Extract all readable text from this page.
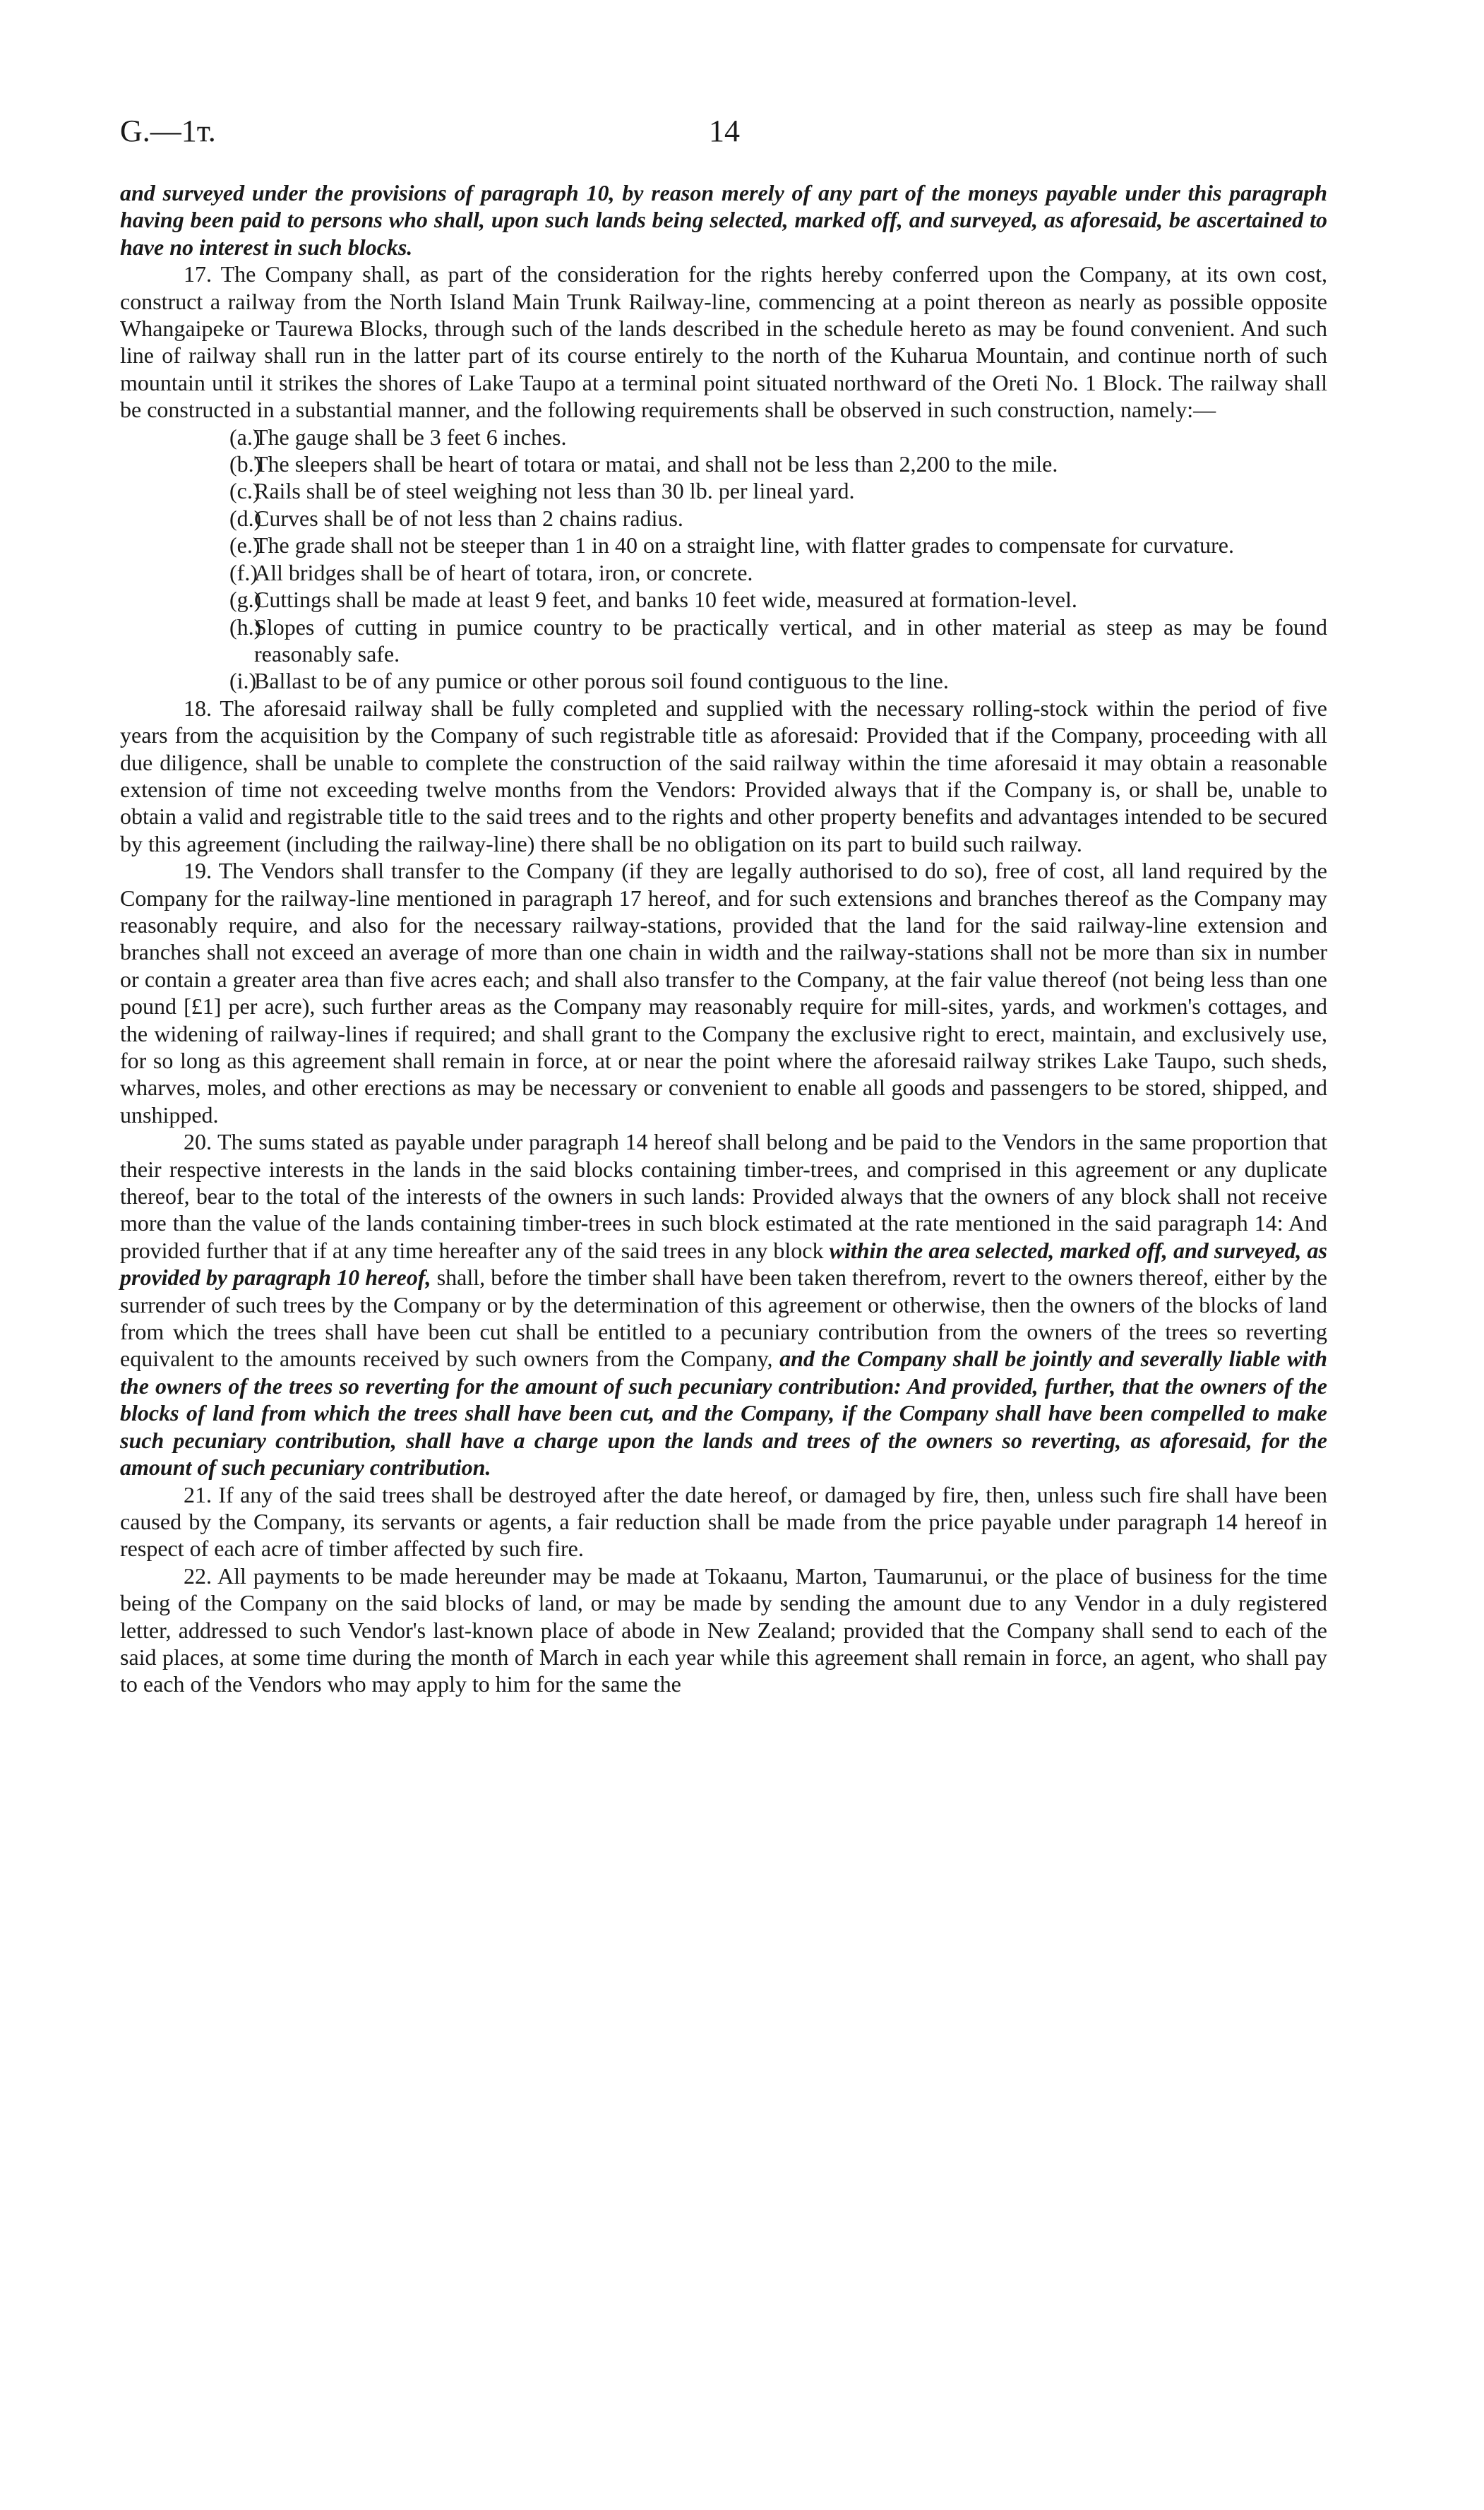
G.—1т.	14

and surveyed under the provisions of paragraph 10, by reason merely of any part of the moneys payable under this paragraph having been paid to persons who shall, upon such lands being selected, marked off, and surveyed, as aforesaid, be ascertained to have no interest in such blocks.

17. The Company shall, as part of the consideration for the rights hereby conferred upon the Company, at its own cost, construct a railway from the North Island Main Trunk Railway-line, commencing at a point thereon as nearly as possible opposite Whangaipeke or Taurewa Blocks, through such of the lands described in the schedule hereto as may be found convenient. And such line of railway shall run in the latter part of its course entirely to the north of the Kuharua Mountain, and continue north of such mountain until it strikes the shores of Lake Taupo at a terminal point situated northward of the Oreti No. 1 Block. The railway shall be constructed in a substantial manner, and the following requirements shall be observed in such construction, namely:—

(a.)
The gauge shall be 3 feet 6 inches.
(b.)
The sleepers shall be heart of totara or matai, and shall not be less than 2,200 to the mile.
(c.)
Rails shall be of steel weighing not less than 30 lb. per lineal yard.
(d.)
Curves shall be of not less than 2 chains radius.
(e.)
The grade shall not be steeper than 1 in 40 on a straight line, with flatter grades to compensate for curvature.
(f.)
All bridges shall be of heart of totara, iron, or concrete.
(g.)
Cuttings shall be made at least 9 feet, and banks 10 feet wide, measured at formation-level.
(h.)
Slopes of cutting in pumice country to be practically vertical, and in other material as steep as may be found reasonably safe.
(i.)
Ballast to be of any pumice or other porous soil found contiguous to the line.

18. The aforesaid railway shall be fully completed and supplied with the necessary rolling-stock within the period of five years from the acquisition by the Company of such registrable title as aforesaid: Provided that if the Company, proceeding with all due diligence, shall be unable to complete the construction of the said railway within the time aforesaid it may obtain a reasonable extension of time not exceeding twelve months from the Vendors: Provided always that if the Company is, or shall be, unable to obtain a valid and registrable title to the said trees and to the rights and other property benefits and advantages intended to be secured by this agreement (including the railway-line) there shall be no obligation on its part to build such railway.

19. The Vendors shall transfer to the Company (if they are legally authorised to do so), free of cost, all land required by the Company for the railway-line mentioned in paragraph 17 hereof, and for such extensions and branches thereof as the Company may reasonably require, and also for the necessary railway-stations, provided that the land for the said railway-line extension and branches shall not exceed an average of more than one chain in width and the railway-stations shall not be more than six in number or contain a greater area than five acres each; and shall also transfer to the Company, at the fair value thereof (not being less than one pound [£1] per acre), such further areas as the Company may reasonably require for mill-sites, yards, and workmen's cottages, and the widening of railway-lines if required; and shall grant to the Company the exclusive right to erect, maintain, and exclusively use, for so long as this agreement shall remain in force, at or near the point where the aforesaid railway strikes Lake Taupo, such sheds, wharves, moles, and other erections as may be necessary or convenient to enable all goods and passengers to be stored, shipped, and unshipped.

20. The sums stated as payable under paragraph 14 hereof shall belong and be paid to the Vendors in the same proportion that their respective interests in the lands in the said blocks containing timber-trees, and comprised in this agreement or any duplicate thereof, bear to the total of the interests of the owners in such lands: Provided always that the owners of any block shall not receive more than the value of the lands containing timber-trees in such block estimated at the rate mentioned in the said paragraph 14: And provided further that if at any time hereafter any of the said trees in any block within the area selected, marked off, and surveyed, as provided by paragraph 10 hereof, shall, before the timber shall have been taken therefrom, revert to the owners thereof, either by the surrender of such trees by the Company or by the determination of this agreement or otherwise, then the owners of the blocks of land from which the trees shall have been cut shall be entitled to a pecuniary contribution from the owners of the trees so reverting equivalent to the amounts received by such owners from the Company, and the Company shall be jointly and severally liable with the owners of the trees so reverting for the amount of such pecuniary contribution: And provided, further, that the owners of the blocks of land from which the trees shall have been cut, and the Company, if the Company shall have been compelled to make such pecuniary contribution, shall have a charge upon the lands and trees of the owners so reverting, as aforesaid, for the amount of such pecuniary contribution.

21. If any of the said trees shall be destroyed after the date hereof, or damaged by fire, then, unless such fire shall have been caused by the Company, its servants or agents, a fair reduction shall be made from the price payable under paragraph 14 hereof in respect of each acre of timber affected by such fire.

22. All payments to be made hereunder may be made at Tokaanu, Marton, Taumarunui, or the place of business for the time being of the Company on the said blocks of land, or may be made by sending the amount due to any Vendor in a duly registered letter, addressed to such Vendor's last-known place of abode in New Zealand; provided that the Company shall send to each of the said places, at some time during the month of March in each year while this agreement shall remain in force, an agent, who shall pay to each of the Vendors who may apply to him for the same the
